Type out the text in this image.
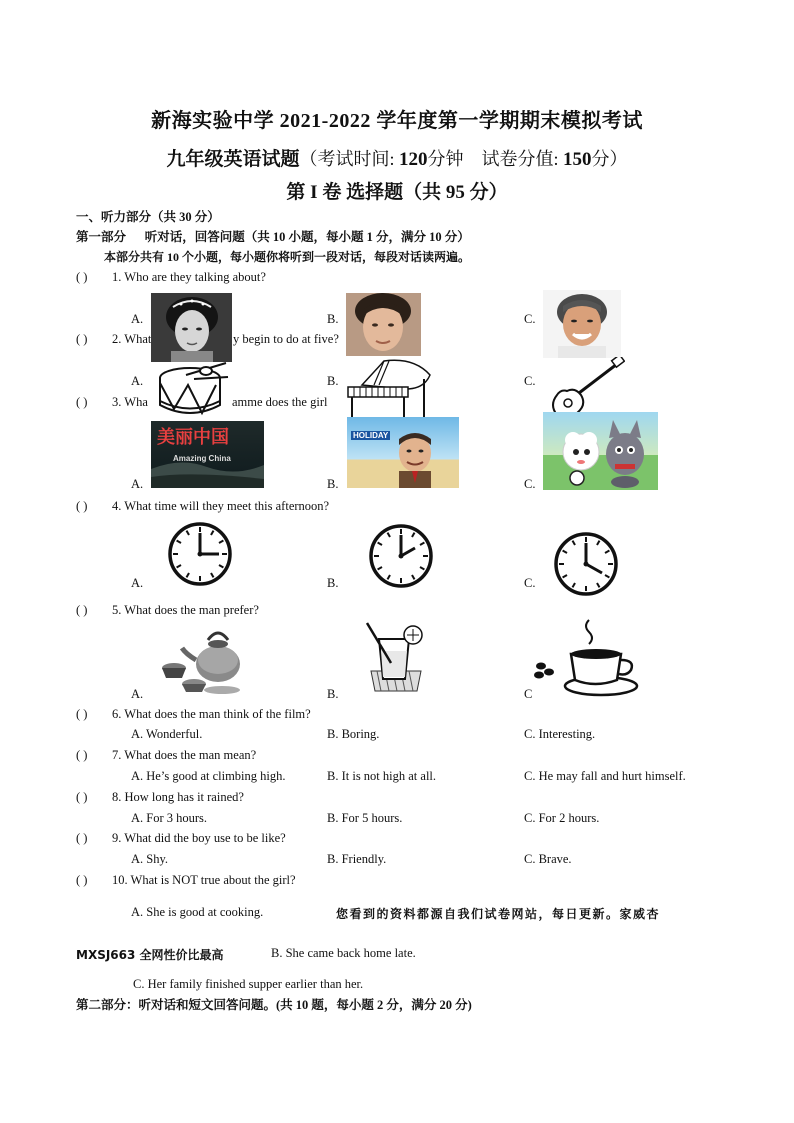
新海实验中学 2021-2022 学年度第一学期期末模拟考试
九年级英语试题（考试时间: 120分钟 试卷分值: 150分）
第 I 卷 选择题（共 95 分）
一、听力部分（共 30 分）
第一部分      听对话，回答问题（共 10 小题，每小题 1 分，满分 10 分）
本部分共有 10 个小题，每小题你将听到一段对话，每段对话读两遍。
( ) 1. Who are they talking about?
A.	B.	C.
( ) 2. What	y begin to do at five?
A.	B.	C.
( ) 3. Wha	amme does the girl
A.	B.	C.
( ) 4. What time will they meet this afternoon?
A.	B.	C.
( ) 5. What does the man prefer?
A.	B.	C
( ) 6. What does the man think of the film?
A. Wonderful.	B. Boring.	C. Interesting.
( ) 7. What does the man mean?
A. He’s good at climbing high.	B. It is not high at all.	C. He may fall and hurt himself.
( ) 8. How long has it rained?
A. For 3 hours.	B. For 5 hours.	C. For 2 hours.
( ) 9. What did the boy use to be like?
A. Shy.	B. Friendly.	C. Brave.
( ) 10. What is NOT true about the girl?
A. She is good at cooking.	您看到的资料都源自我们试卷网站，每日更新。家威杏
MXSJ663 全网性价比最高	B. She came back home late.
C. Her family finished supper earlier than her.
第二部分：听对话和短文回答问题。(共 10 题，每小题 2 分，满分 20 分)
美丽中国
Amazing China
HOLIDAY
